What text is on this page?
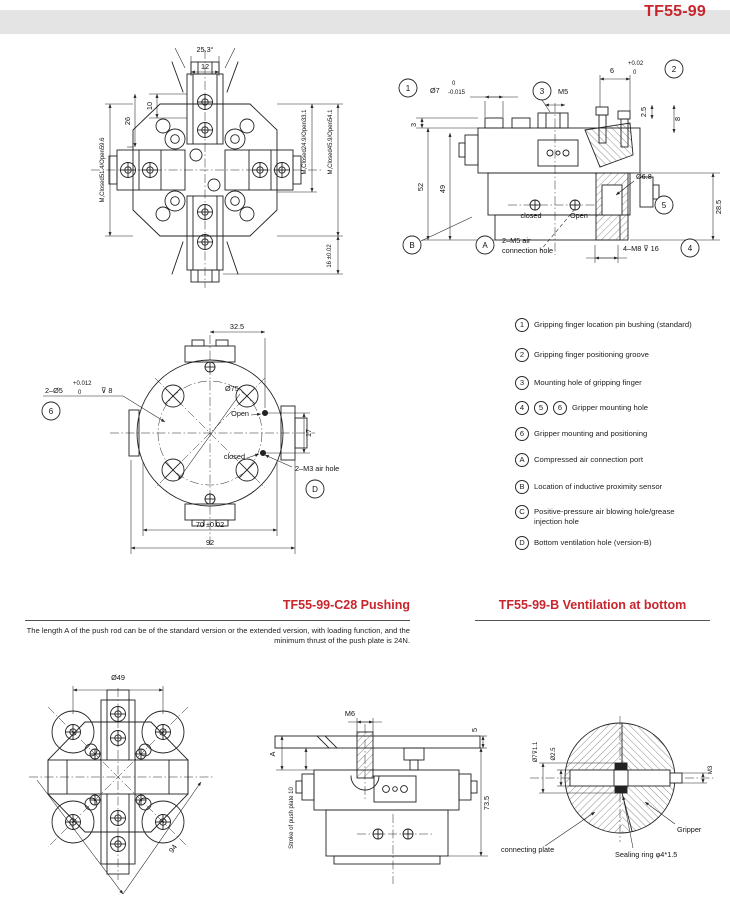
TF55-99
25.3°
12
10
26
M,Closed51.4/Open59.6	M,Closed24.9/Open33.1	M,Closed45.9/Open54.1
16 ±0.02
1	3
2
5
B	A	4
Ø7
0
-0.015
3
52 49
M5
6
+0.02
0
2.5
8
Ø6.8
28.5
closed	Open
2–M5 air
connection hole	4–M8 ⊽ 16
6
D
32.5
2–Ø5
+0.012
0	⊽ 8	Ø75
Open
closed
17
2–M3 air hole
70 ±0.02
92
1	Gripping finger location pin bushing (standard)
2	Gripping finger positioning groove
3	Mounting hole of gripping finger
4	5	6	Gripper mounting hole
6	Gripper mounting and positioning
A	Compressed air connection port
B	Location of inductive proximity sensor
C	Positive-pressure air blowing hole/grease injection hole
D	Bottom ventilation hole (version-B)
TF55-99-C28 Pushing	TF55-99-B Ventilation at bottom
The length A of the push rod can be of the standard version or the extended version, with loading function, and the minimum thrust of the push plate is 24N.
Ø49
94
M6
5
A
Stroke of push plate 10	73.5
Ø7⊽1.1 Ø2.5
M3
connecting plate
Gripper
Sealing ring φ4*1.5
